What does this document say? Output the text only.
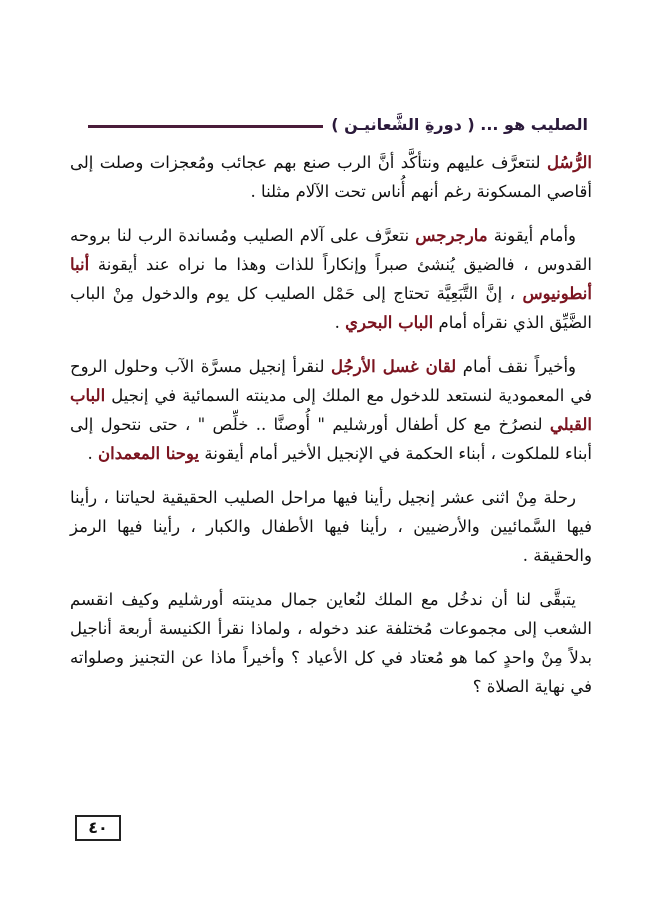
الصليب هو ... ( دورةِ الشَّعانيـن )

الرُّسُل لنتعرَّف عليهم ونتأكَّد أنَّ الرب صنع بهم عجائب ومُعجزات وصلت إلى أقاصي المسكونة رغم أنهم أُناس تحت الآلام مثلنا .

وأمام أيقونة مارجرجس نتعرَّف على آلام الصليب ومُساندة الرب لنا بروحه القدوس ، فالضيق يُنشئ صبراً وإنكاراً للذات وهذا ما نراه عند أيقونة أنبا أنطونيوس ، إنَّ التَّبَعِيَّة تحتاج إلى حَمْل الصليب كل يوم والدخول مِنْ الباب الضَّيِّق الذي نقرأه أمام الباب البحري .

وأخيراً نقف أمام لقان غسل الأرجُل لنقرأ إنجيل مسرَّة الآب وحلول الروح في المعمودية لنستعد للدخول مع الملك إلى مدينته السمائية في إنجيل الباب القبلي لنصرُخ مع كل أطفال أورشليم " أُوصنَّا .. خلِّص " ، حتى نتحول إلى أبناء للملكوت ، أبناء الحكمة في الإنجيل الأخير أمام أيقونة يوحنا المعمدان .

رحلة مِنْ اثنى عشر إنجيل رأينا فيها مراحل الصليب الحقيقية لحياتنا ، رأينا فيها السَّمائيين والأرضيين ، رأينا فيها الأطفال والكبار ، رأينا فيها الرمز والحقيقة .

يتبقَّى لنا أن ندخُل مع الملك لنُعاين جمال مدينته أورشليم وكيف انقسم الشعب إلى مجموعات مُختلفة عند دخوله ، ولماذا نقرأ الكنيسة أربعة أناجيل بدلاً مِنْ واحدٍ كما هو مُعتاد في كل الأعياد ؟ وأخيراً ماذا عن التجنيز وصلواته في نهاية الصلاة ؟

٤٠
